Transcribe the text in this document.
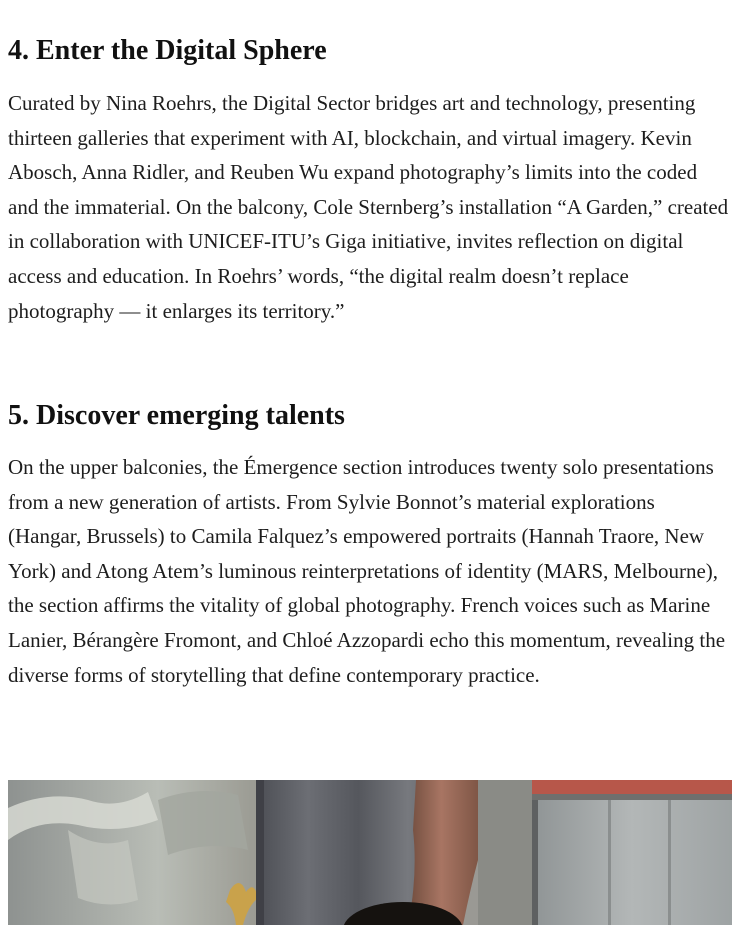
4. Enter the Digital Sphere

Curated by Nina Roehrs, the Digital Sector bridges art and technology, presenting thirteen galleries that experiment with AI, blockchain, and virtual imagery. Kevin Abosch, Anna Ridler, and Reuben Wu expand photography’s limits into the coded and the immaterial. On the balcony, Cole Sternberg’s installation “A Garden,” created in collaboration with UNICEF-ITU’s Giga initiative, invites reflection on digital access and education. In Roehrs’ words, “the digital realm doesn’t replace photography — it enlarges its territory.”

5. Discover emerging talents

On the upper balconies, the Émergence section introduces twenty solo presentations from a new generation of artists. From Sylvie Bonnot’s material explorations (Hangar, Brussels) to Camila Falquez’s empowered portraits (Hannah Traore, New York) and Atong Atem’s luminous reinterpretations of identity (MARS, Melbourne), the section affirms the vitality of global photography. French voices such as Marine Lanier, Bérangère Fromont, and Chloé Azzopardi echo this momentum, revealing the diverse forms of storytelling that define contemporary practice.
